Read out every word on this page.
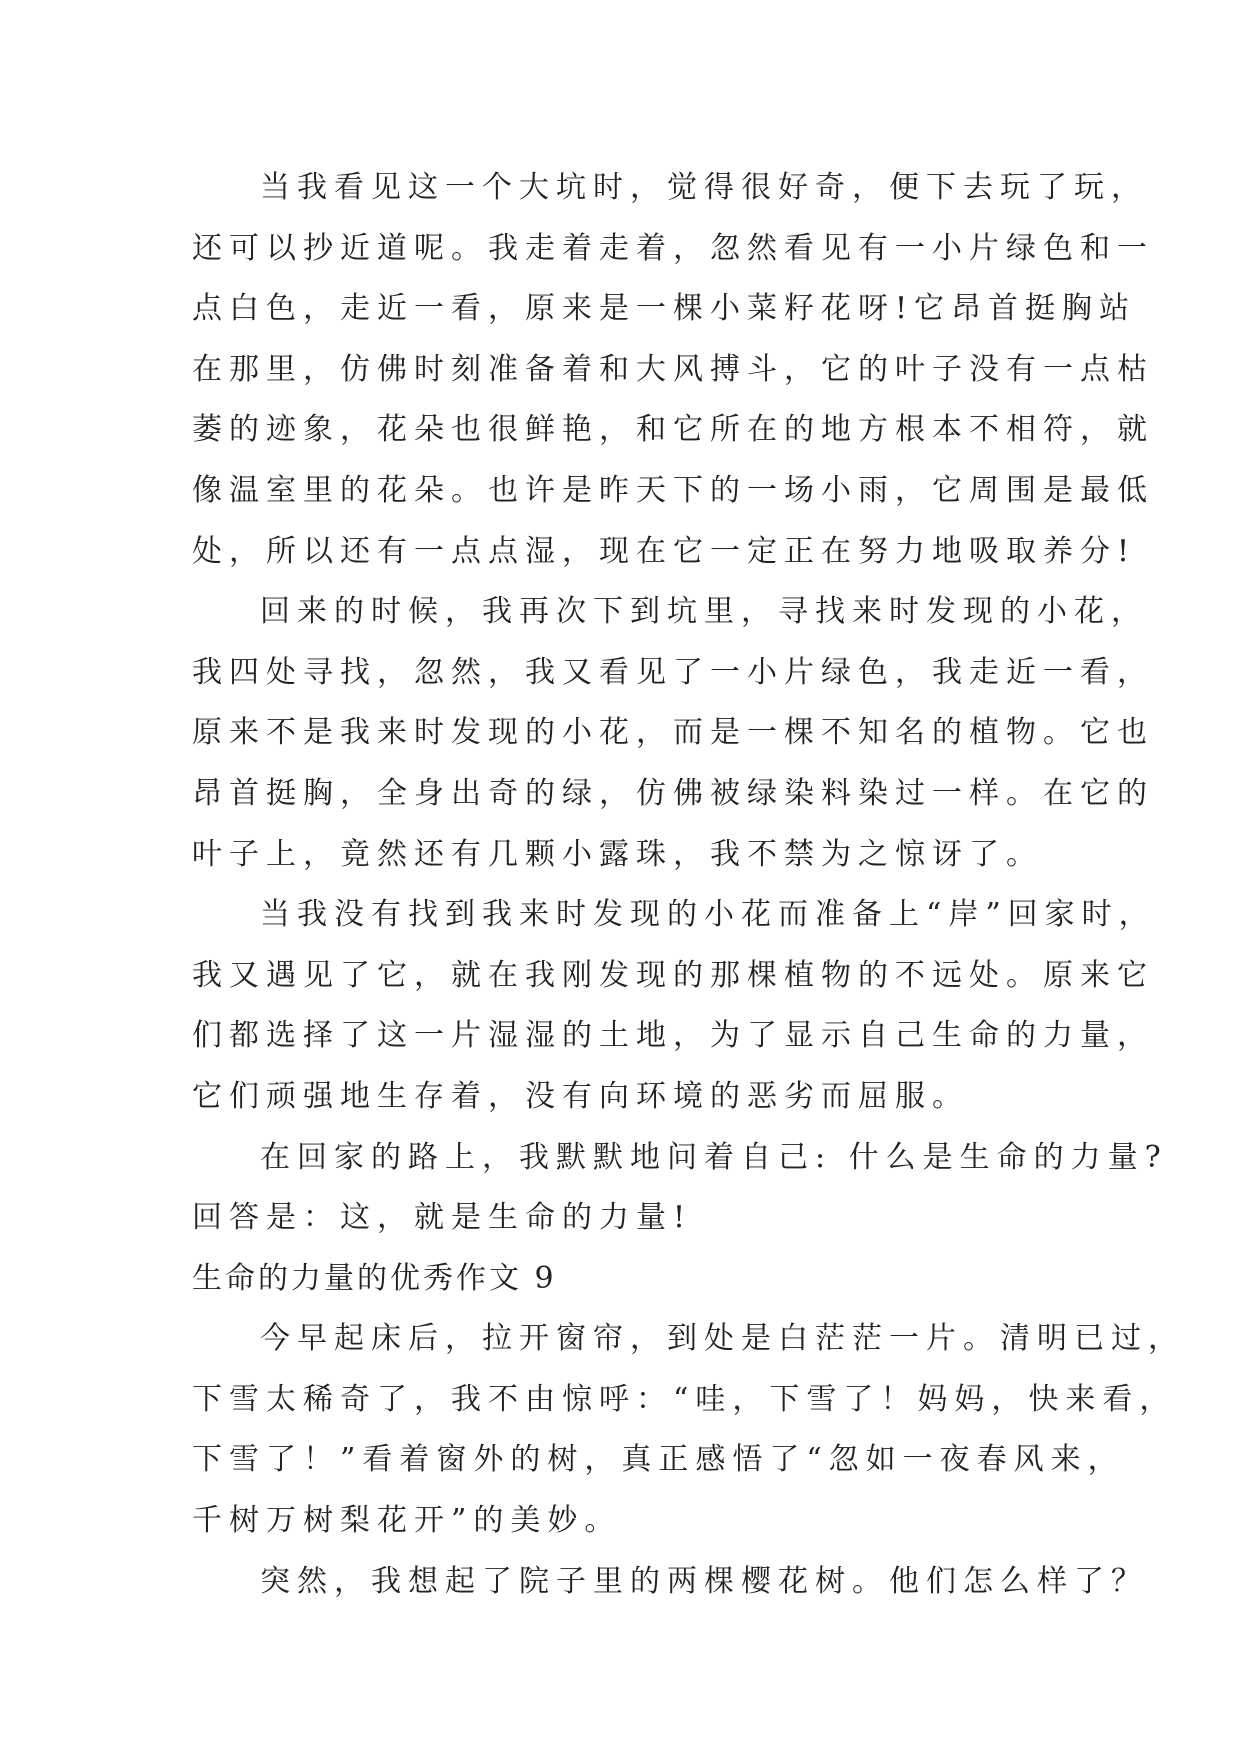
当我看见这一个大坑时，觉得很好奇，便下去玩了玩，
还可以抄近道呢。我走着走着，忽然看见有一小片绿色和一
点白色，走近一看，原来是一棵小菜籽花呀!它昂首挺胸站
在那里，仿佛时刻准备着和大风搏斗，它的叶子没有一点枯
萎的迹象，花朵也很鲜艳，和它所在的地方根本不相符，就
像温室里的花朵。也许是昨天下的一场小雨，它周围是最低
处，所以还有一点点湿，现在它一定正在努力地吸取养分!
回来的时候，我再次下到坑里，寻找来时发现的小花，
我四处寻找，忽然，我又看见了一小片绿色，我走近一看，
原来不是我来时发现的小花，而是一棵不知名的植物。它也
昂首挺胸，全身出奇的绿，仿佛被绿染料染过一样。在它的
叶子上，竟然还有几颗小露珠，我不禁为之惊讶了。
当我没有找到我来时发现的小花而准备上“岸”回家时，
我又遇见了它，就在我刚发现的那棵植物的不远处。原来它
们都选择了这一片湿湿的土地，为了显示自己生命的力量，
它们顽强地生存着，没有向环境的恶劣而屈服。
在回家的路上，我默默地问着自己: 什么是生命的力量?
回答是：这，就是生命的力量!
生命的力量的优秀作文 9
今早起床后，拉开窗帘，到处是白茫茫一片。清明已过，
下雪太稀奇了，我不由惊呼：“哇，下雪了！妈妈，快来看，
下雪了！”看着窗外的树，真正感悟了“忽如一夜春风来，
千树万树梨花开”的美妙。
突然，我想起了院子里的两棵樱花树。他们怎么样了？
